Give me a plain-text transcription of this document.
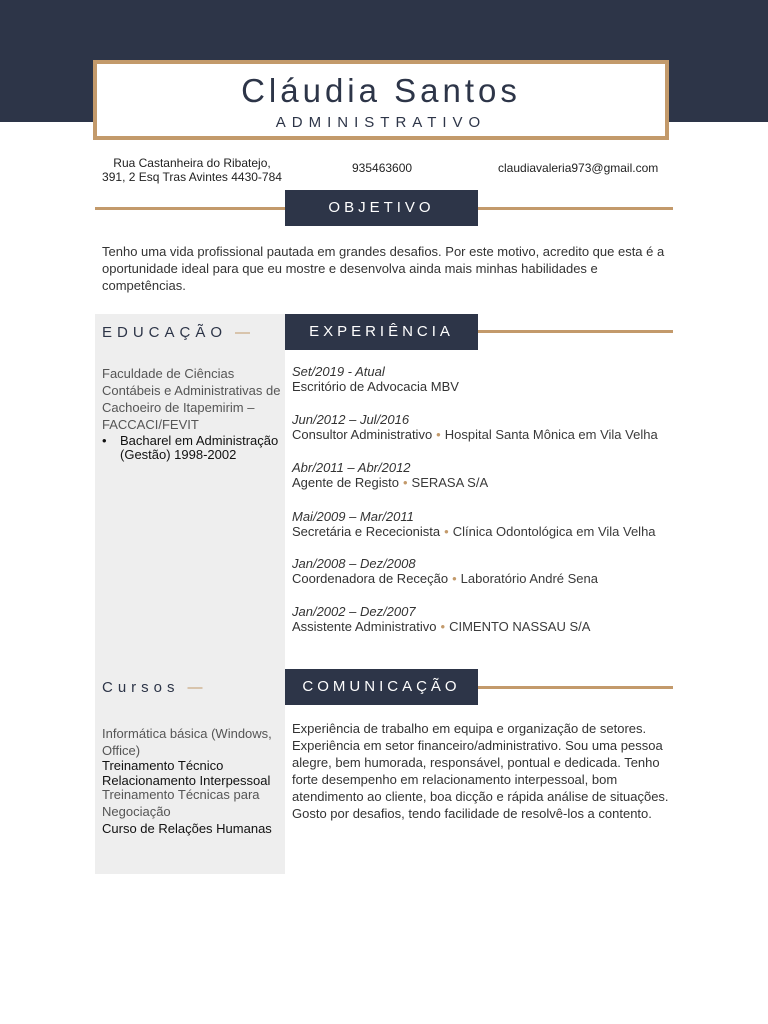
Cláudia Santos
ADMINISTRATIVO
Rua Castanheira do Ribatejo,
391, 2 Esq Tras Avintes 4430-784
935463600	claudiavaleria973@gmail.com
OBJETIVO
Tenho uma vida profissional pautada em grandes desafios. Por este motivo, acredito que esta é a oportunidade ideal para que eu mostre e desenvolva ainda mais minhas habilidades e competências.
EDUCAÇÃO —
Faculdade de Ciências Contábeis e Administrativas de Cachoeiro de Itapemirim – FACCACI/FEVIT
• Bacharel em Administração (Gestão) 1998-2002
Cursos —
Informática básica (Windows, Office)
Treinamento Técnico Relacionamento Interpessoal
Treinamento Técnicas para Negociação
Curso de Relações Humanas
EXPERIÊNCIA
Set/2019 - Atual
Escritório de Advocacia MBV
Jun/2012 – Jul/2016
Consultor Administrativo • Hospital Santa Mônica em Vila Velha
Abr/2011 – Abr/2012
Agente de Registo • SERASA S/A
Mai/2009 – Mar/2011
Secretária e Rececionista • Clínica Odontológica em Vila Velha
Jan/2008 – Dez/2008
Coordenadora de Receção • Laboratório André Sena
Jan/2002 – Dez/2007
Assistente Administrativo • CIMENTO NASSAU S/A
COMUNICAÇÃO
Experiência de trabalho em equipa e organização de setores. Experiência em setor financeiro/administrativo. Sou uma pessoa alegre, bem humorada, responsável, pontual e dedicada. Tenho forte desempenho em relacionamento interpessoal, bom atendimento ao cliente, boa dicção e rápida análise de situações. Gosto por desafios, tendo facilidade de resolvê-los a contento.
